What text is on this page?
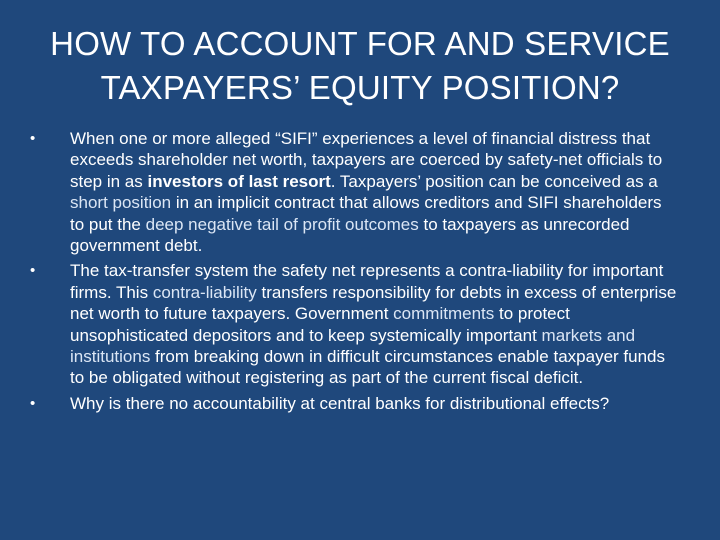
HOW TO ACCOUNT FOR AND SERVICE
TAXPAYERS’ EQUITY POSITION?
• When one or more alleged “SIFI” experiences a level of financial distress that exceeds shareholder net worth, taxpayers are coerced by safety-net officials to step in as investors of last resort. Taxpayers’ position can be conceived as a short position in an implicit contract that allows creditors and SIFI shareholders to put the deep negative tail of profit outcomes to taxpayers as unrecorded government debt.
• The tax-transfer system the safety net represents a contra-liability for important firms. This contra-liability transfers responsibility for debts in excess of enterprise net worth to future taxpayers. Government commitments to protect unsophisticated depositors and to keep systemically important markets and institutions from breaking down in difficult circumstances enable taxpayer funds to be obligated without registering as part of the current fiscal deficit.
• Why is there no accountability at central banks for distributional effects?
